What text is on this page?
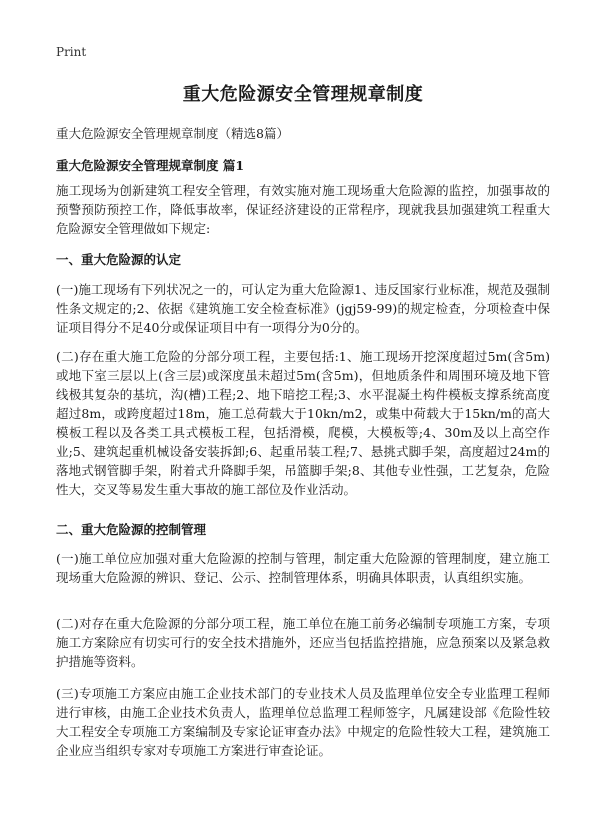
Print
重大危险源安全管理规章制度
重大危险源安全管理规章制度（精选8篇）
重大危险源安全管理规章制度 篇1

施工现场为创新建筑工程安全管理，有效实施对施工现场重大危险源的监控，加强事故的预警预防预控工作，降低事故率，保证经济建设的正常程序，现就我县加强建筑工程重大危险源安全管理做如下规定:

一、重大危险源的认定

(一)施工现场有下列状况之一的，可认定为重大危险源1、违反国家行业标准，规范及强制性条文规定的;2、依据《建筑施工安全检查标准》(jgj59-99)的规定检查，分项检查中保证项目得分不足40分或保证项目中有一项得分为0分的。

(二)存在重大施工危险的分部分项工程，主要包括:1、施工现场开挖深度超过5m(含5m)或地下室三层以上(含三层)或深度虽未超过5m(含5m)，但地质条件和周围环境及地下管线极其复杂的基坑，沟(槽)工程;2、地下暗挖工程;3、水平混凝土构件模板支撑系统高度超过8m，或跨度超过18m，施工总荷载大于10kn/m2，或集中荷载大于15kn/m的高大模板工程以及各类工具式模板工程，包括滑模，爬模，大模板等;4、30m及以上高空作业;5、建筑起重机械设备安装拆卸;6、起重吊装工程;7、悬挑式脚手架，高度超过24m的落地式钢管脚手架，附着式升降脚手架，吊篮脚手架;8、其他专业性强，工艺复杂，危险性大，交叉等易发生重大事故的施工部位及作业活动。

二、重大危险源的控制管理

(一)施工单位应加强对重大危险源的控制与管理，制定重大危险源的管理制度，建立施工现场重大危险源的辨识、登记、公示、控制管理体系，明确具体职责，认真组织实施。

(二)对存在重大危险源的分部分项工程，施工单位在施工前务必编制专项施工方案，专项施工方案除应有切实可行的安全技术措施外，还应当包括监控措施，应急预案以及紧急救护措施等资料。

(三)专项施工方案应由施工企业技术部门的专业技术人员及监理单位安全专业监理工程师进行审核，由施工企业技术负责人，监理单位总监理工程师签字，凡属建设部《危险性较大工程安全专项施工方案编制及专家论证审查办法》中规定的危险性较大工程，建筑施工企业应当组织专家对专项施工方案进行审查论证。
